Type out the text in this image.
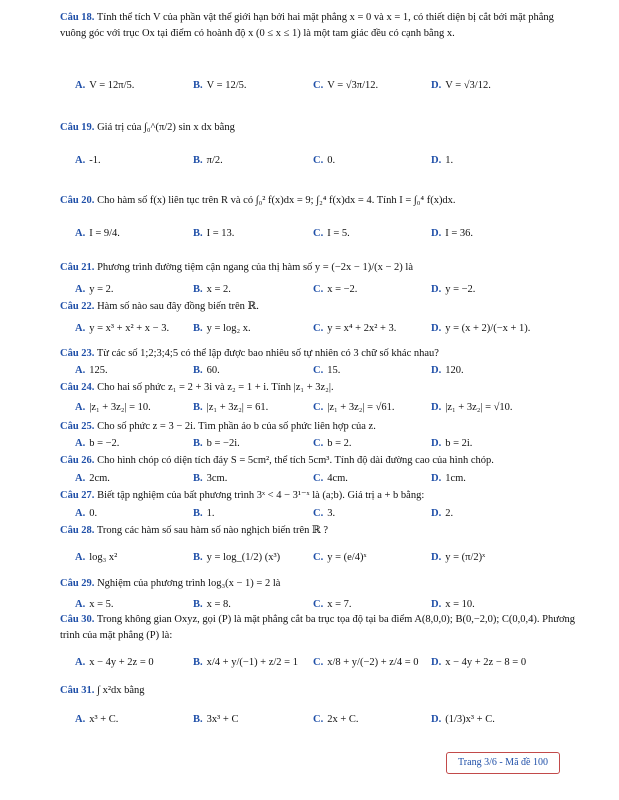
Câu 18. Tính thể tích V của phần vật thể giới hạn bởi hai mặt phẳng x = 0 và x = 1, có thiết diện bị cắt bởi mặt phẳng vuông góc với trục Ox tại điểm có hoành độ x (0 ≤ x ≤ 1) là một tam giác đều có cạnh bằng x.
A. V = 12π/5.	B. V = 12/5.	C. V = √3π/12.	D. V = √3/12.
Câu 19. Giá trị của ∫₀^(π/2) sin x dx bằng
A. -1.	B. π/2.	C. 0.	D. 1.
Câu 20. Cho hàm số f(x) liên tục trên R và có ∫₀² f(x)dx = 9; ∫₂⁴ f(x)dx = 4. Tính I = ∫₀⁴ f(x)dx.
A. I = 9/4.	B. I = 13.	C. I = 5.	D. I = 36.
Câu 21. Phương trình đường tiệm cận ngang của thị hàm số y = (−2x − 1)/(x − 2) là
A. y = 2.	B. x = 2.	C. x = −2.	D. y = −2.
Câu 22. Hàm số nào sau đây đồng biến trên ℝ.
A. y = x³ + x² + x − 3. B. y = log₂ x.	C. y = x⁴ + 2x² + 3.	D. y = (x + 2)/(−x + 1).
Câu 23. Từ các số 1;2;3;4;5 có thể lập được bao nhiêu số tự nhiên có 3 chữ số khác nhau?
A. 125.	B. 60.	C. 15.	D. 120.
Câu 24. Cho hai số phức z₁ = 2 + 3i và z₂ = 1 + i. Tính |z₁ + 3z₂|.
A. |z₁ + 3z₂| = 10.	B. |z₁ + 3z₂| = 61.	C. |z₁ + 3z₂| = √61.	D. |z₁ + 3z₂| = √10.
Câu 25. Cho số phức z = 3 − 2i. Tìm phần ảo b của số phức liên hợp của z.
A. b = −2.	B. b = −2i.	C. b = 2.	D. b = 2i.
Câu 26. Cho hình chóp có diện tích đáy S = 5cm², thể tích 5cm³. Tính độ dài đường cao của hình chóp.
A. 2cm.	B. 3cm.	C. 4cm.	D. 1cm.
Câu 27. Biết tập nghiệm của bất phương trình 3ˣ < 4 − 3¹⁻ˣ là (a;b). Giá trị a + b bằng:
A. 0.	B. 1.	C. 3.	D. 2.
Câu 28. Trong các hàm số sau hàm số nào nghịch biến trên ℝ ?
A. log₃ x²	B. y = log_(1/2) (x³)	C. y = (e/4)ˣ	D. y = (π/2)ˣ
Câu 29. Nghiệm của phương trình log₃(x − 1) = 2 là
A. x = 5.	B. x = 8.	C. x = 7.	D. x = 10.
Câu 30. Trong không gian Oxyz, gọi (P) là mặt phẳng cắt ba trục tọa độ tại ba điểm A(8,0,0); B(0,−2,0); C(0,0,4). Phương trình của mặt phẳng (P) là:
A. x − 4y + 2z = 0	B. x/4 + y/(−1) + z/2 = 1 C. x/8 + y/(−2) + z/4 = 0 D. x − 4y + 2z − 8 = 0
Câu 31. ∫ x²dx bằng
A. x³ + C.	B. 3x³ + C	C. 2x + C.	D. (1/3)x³ + C.
Trang 3/6 - Mã đề 100
